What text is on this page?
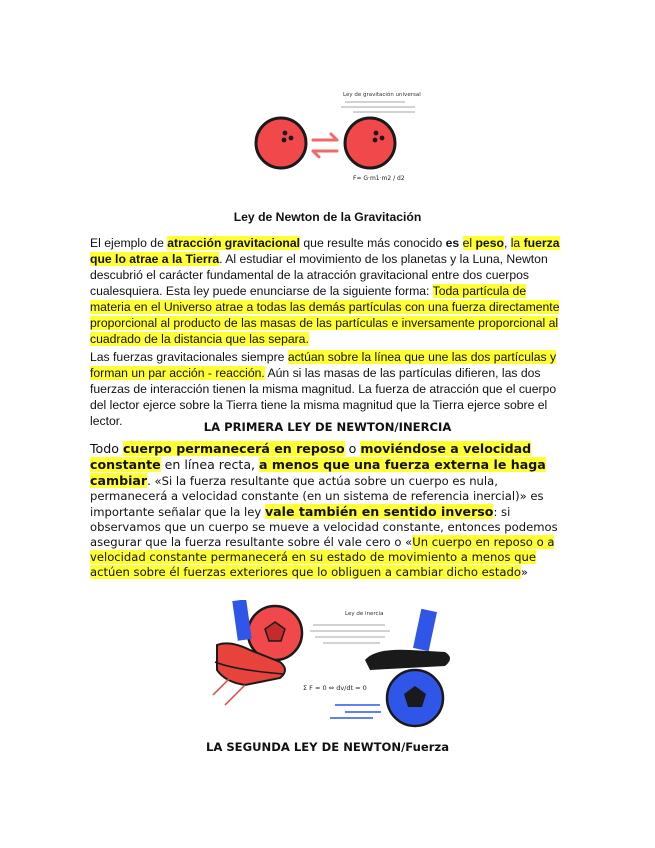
Ley de gravitación universal
F= G·m1·m2 / d2
Ley de Newton de la Gravitación

El ejemplo de atracción gravitacional que resulte más conocido es el peso, la fuerza que lo atrae a la Tierra. Al estudiar el movimiento de los planetas y la Luna, Newton descubrió el carácter fundamental de la atracción gravitacional entre dos cuerpos cualesquiera. Esta ley puede enunciarse de la siguiente forma: Toda partícula de materia en el Universo atrae a todas las demás partículas con una fuerza directamente proporcional al producto de las masas de las partículas e inversamente proporcional al cuadrado de la distancia que las separa.

Las fuerzas gravitacionales siempre actúan sobre la línea que une las dos partículas y forman un par acción - reacción. Aún si las masas de las partículas difieren, las dos fuerzas de interacción tienen la misma magnitud. La fuerza de atracción que el cuerpo del lector ejerce sobre la Tierra tiene la misma magnitud que la Tierra ejerce sobre el lector.	LA PRIMERA LEY DE NEWTON/INERCIA

Todo cuerpo permanecerá en reposo o moviéndose a velocidad constante en línea recta, a menos que una fuerza externa le haga cambiar. «Si la fuerza resultante que actúa sobre un cuerpo es nula, permanecerá a velocidad constante (en un sistema de referencia inercial)» es importante señalar que la ley vale también en sentido inverso: si observamos que un cuerpo se mueve a velocidad constante, entonces podemos asegurar que la fuerza resultante sobre él vale cero o «Un cuerpo en reposo o a velocidad constante permanecerá en su estado de movimiento a menos que actúen sobre él fuerzas exteriores que lo obliguen a cambiar dicho estado»

Ley de inercia
Σ F = 0 ⇔ dv/dt = 0
LA SEGUNDA LEY DE NEWTON/Fuerza
